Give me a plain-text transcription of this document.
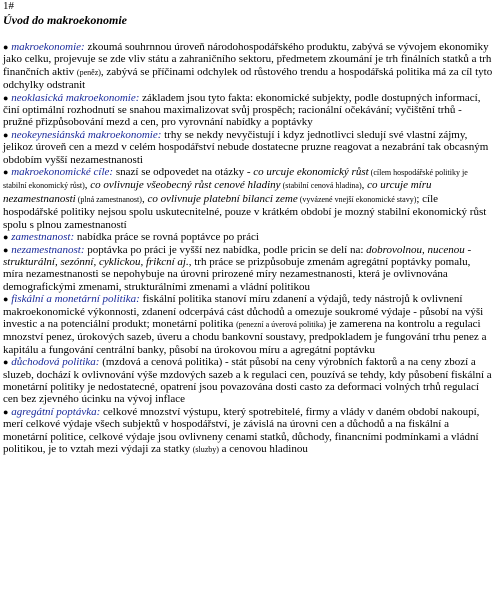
1#

Úvod do makroekonomie

● makroekonomie: zkoumá souhrnnou úroveň národohospodářského produktu, zabývá se vývojem ekonomiky jako celku, projevuje se zde vliv státu a zahraničního sektoru, předmetem zkoumání je trh finálních statků a trh finančních aktiv (peněz), zabývá se příčinami odchylek od růstového trendu a hospodářská politika má za cíl tyto odchylky odstranit

● neoklasická makroekonomie: základem jsou tyto fakta: ekonomické subjekty, podle dostupných informací, činí optimální rozhodnutí se snahou maximalizovat svůj prospěch; racionální očekávání; vyčištění trhů - pružné přizpůsobování mezd a cen, pro vyrovnání nabídky a poptávky

● neokeynesiánská makroekonomie: trhy se nekdy nevyčistují i kdyz jednotlivci sledují své vlastní zájmy, jelikoz úroveň cen a mezd v celém hospodářství nebude dostatecne pruzne reagovat a nezabrání tak obcasným obdobím vyšší nezamestnanosti

● makroekonomické cíle: snazí se odpovedet na otázky - co urcuje ekonomický růst (cílem hospodářské politiky je stabilní ekonomický růst), co ovlivnuje všeobecný růst cenové hladiny (stabilní cenová hladina), co urcuje míru nezamestnanosti (plná zamestnanost), co ovlivnuje platební bilanci zeme (vyvázené vnejší ekonomické stavy); cíle hospodářské politiky nejsou spolu uskutecnitelné, pouze v krátkém období je mozný stabilní ekonomický růst spolu s plnou zamestnaností

● zamestnanost: nabídka práce se rovná poptávce po práci

● nezamestnanost: poptávka po práci je vyšší nez nabídka, podle pricin se delí na: dobrovolnou, nucenou - strukturální, sezónní, cyklickou, frikcní aj., trh práce se prizpůsobuje zmenám agregátní poptávky pomalu, míra nezamestnanosti se nepohybuje na úrovni prirozené míry nezamestnanosti, která je ovlivnována demografickými zmenami, strukturálními zmenami a vládní politikou

● fiskální a monetární politika: fiskální politika stanoví míru zdanení a výdajů, tedy nástrojů k ovlivnení makroekonomické výkonnosti, zdanení odcerpává cást důchodů a omezuje soukromé výdaje - působí na výši investic a na potenciální produkt; monetární politika (penezní a úverová politika) je zamerena na kontrolu a regulaci mnozství penez, úrokových sazeb, úveru a chodu bankovní soustavy, predpokladem je fungování trhu penez a kapitálu a fungování centrální banky, působí na úrokovou míru a agregátní poptávku

● důchodová politika: (mzdová a cenová politika) - stát působí na ceny výrobních faktorů a na ceny zbozí a sluzeb, dochází k ovlivnování výše mzdových sazeb a k regulaci cen, pouzívá se tehdy, kdy působení fiskální a monetární politiky je nedostatecné, opatrení jsou povazována dosti casto za deformaci volných trhů regulací cen bez zjevného úcinku na vývoj inflace

● agregátní poptávka: celkové mnozství výstupu, který spotrebitelé, firmy a vlády v daném období nakoupí, merí celkové výdaje všech subjektů v hospodářství, je závislá na úrovni cen a důchodů a na fiskální a monetární politice, celkové výdaje jsou ovlivneny cenami statků, důchody, financními podmínkami a vládní politikou, je to vztah mezi výdaji za statky (sluzby) a cenovou hladinou
